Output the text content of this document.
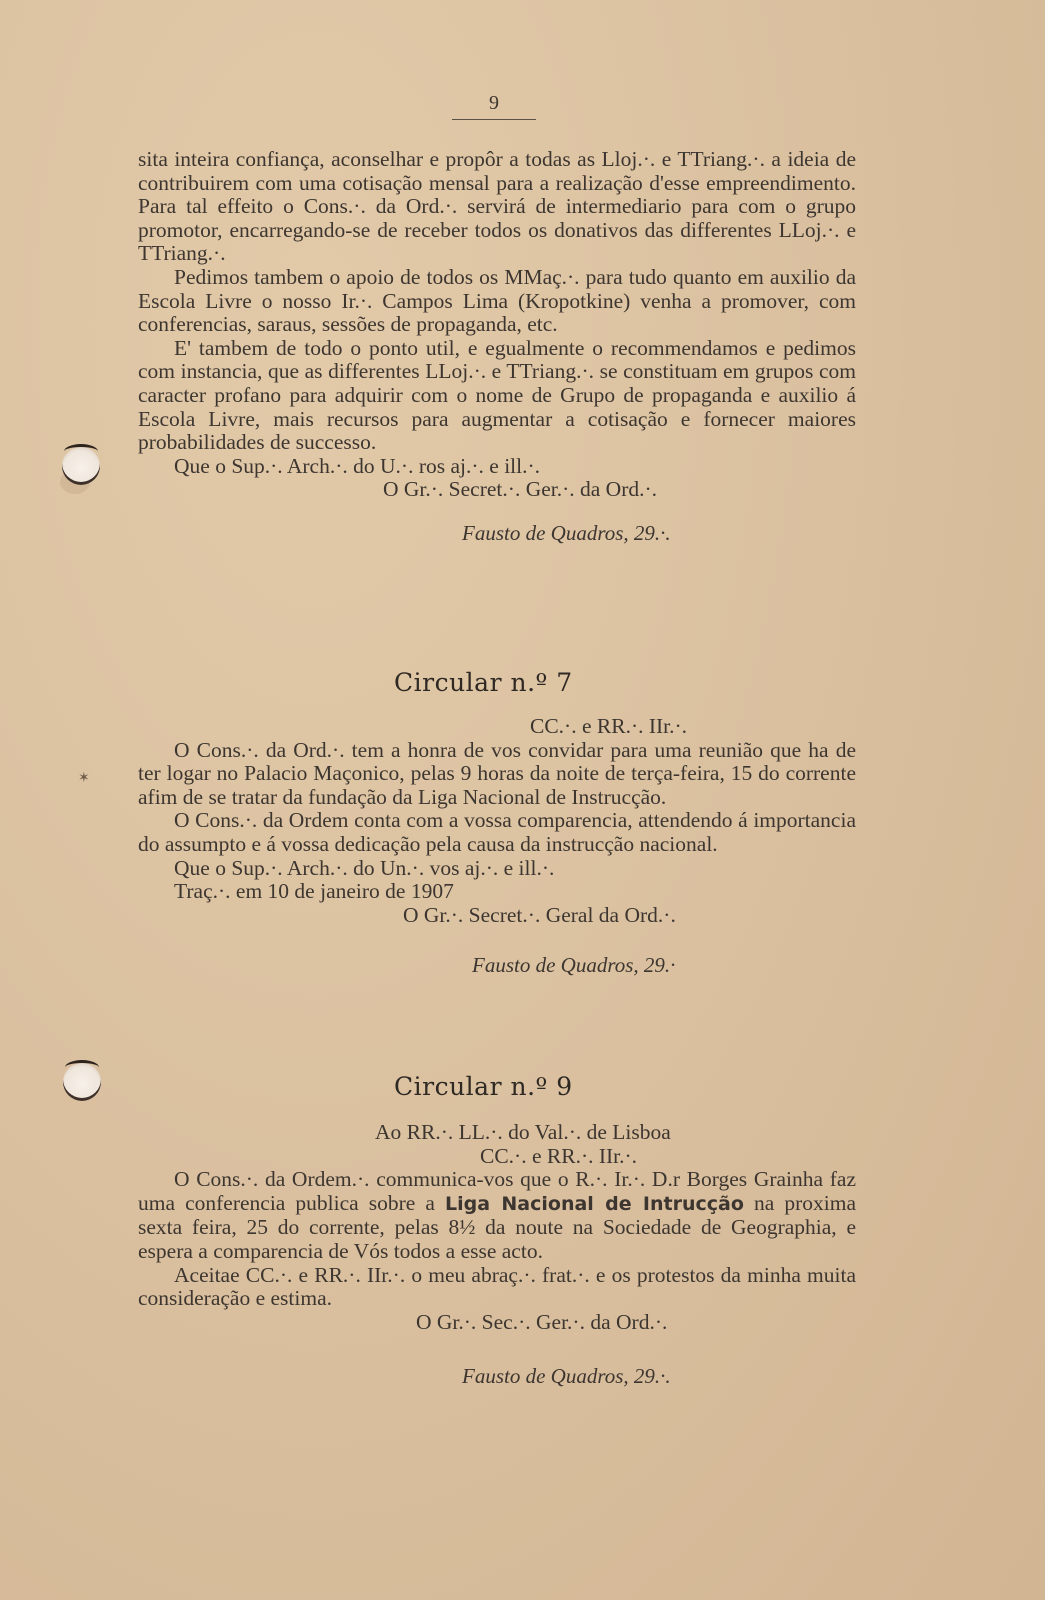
✶
9

sita inteira confiança, aconselhar e propôr a todas as Lloj.·. e TTriang.·. a ideia de contribuirem com uma cotisação mensal para a realização d'esse empreendimento. Para tal effeito o Cons.·. da Ord.·. servirá de intermediario para com o grupo promotor, encarregando-se de receber todos os donativos das differentes LLoj.·. e TTriang.·.

Pedimos tambem o apoio de todos os MMaç.·. para tudo quanto em auxilio da Escola Livre o nosso Ir.·. Campos Lima (Kropotkine) venha a promover, com conferencias, saraus, sessões de propaganda, etc.

E' tambem de todo o ponto util, e egualmente o recommendamos e pedimos com instancia, que as differentes LLoj.·. e TTriang.·. se constituam em grupos com caracter profano para adquirir com o nome de Grupo de propaganda e auxilio á Escola Livre, mais recursos para augmentar a cotisação e fornecer maiores probabilidades de successo.

Que o Sup.·. Arch.·. do U.·. ros aj.·. e ill.·.

O Gr.·. Secret.·. Ger.·. da Ord.·.

Fausto de Quadros, 29.·.

Circular n.º 7

CC.·. e RR.·. IIr.·.

O Cons.·. da Ord.·. tem a honra de vos convidar para uma reunião que ha de ter logar no Palacio Maçonico, pelas 9 horas da noite de terça-feira, 15 do corrente afim de se tratar da fundação da Liga Nacional de Instrucção.

O Cons.·. da Ordem conta com a vossa comparencia, attendendo á importancia do assumpto e á vossa dedicação pela causa da instrucção nacional.

Que o Sup.·. Arch.·. do Un.·. vos aj.·. e ill.·.

Traç.·. em 10 de janeiro de 1907

O Gr.·. Secret.·. Geral da Ord.·.

Fausto de Quadros, 29.·

Circular n.º 9

Ao RR.·. LL.·. do Val.·. de Lisboa

CC.·. e RR.·. IIr.·.

O Cons.·. da Ordem.·. communica-vos que o R.·. Ir.·. D.r Borges Grainha faz uma conferencia publica sobre a Liga Nacional de Intrucção na proxima sexta feira, 25 do corrente, pelas 8½ da noute na Sociedade de Geographia, e espera a comparencia de Vós todos a esse acto.

Aceitae CC.·. e RR.·. IIr.·. o meu abraç.·. frat.·. e os protestos da minha muita consideração e estima.

O Gr.·. Sec.·. Ger.·. da Ord.·.

Fausto de Quadros, 29.·.
